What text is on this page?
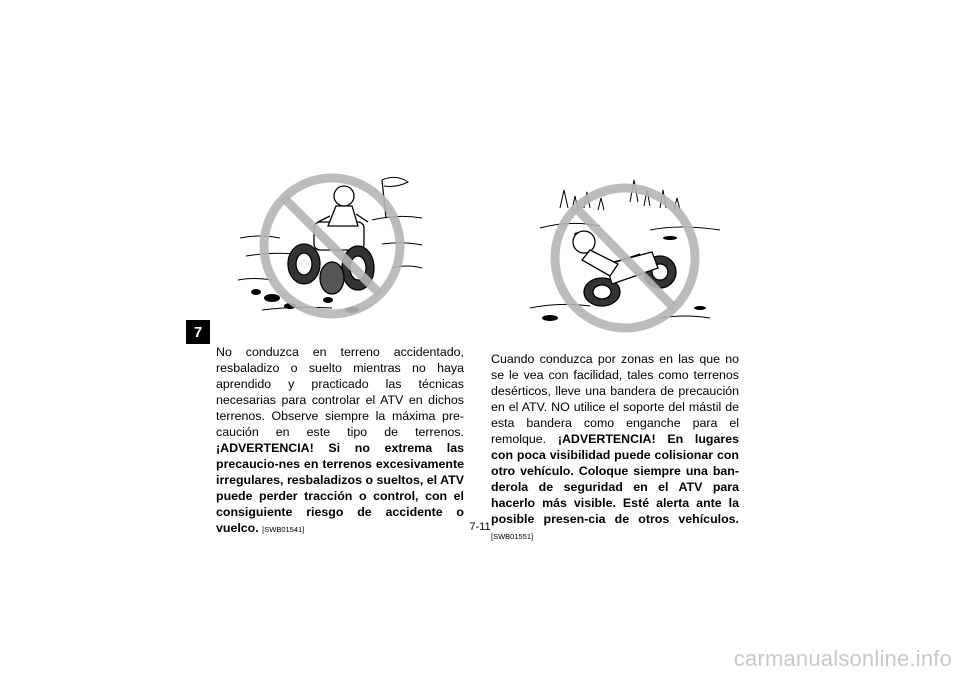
7
No conduzca en terreno accidentado, resbaladizo o suelto mientras no haya aprendido y practicado las técnicas necesarias para controlar el ATV en dichos terrenos. Observe siempre la máxima pre-caución en este tipo de terrenos. ¡ADVERTENCIA! Si no extrema las precaucio-nes en terrenos excesivamente irregulares, resbaladizos o sueltos, el ATV puede perder tracción o control, con el consiguiente riesgo de accidente o vuelco. [SWB01541]
Cuando conduzca por zonas en las que no se le vea con facilidad, tales como terrenos desérticos, lleve una bandera de precaución en el ATV. NO utilice el soporte del mástil de esta bandera como enganche para el remolque. ¡ADVERTENCIA! En lugares con poca visibilidad puede colisionar con otro vehículo. Coloque siempre una ban-derola de seguridad en el ATV para hacerlo más visible. Esté alerta ante la posible presen-cia de otros vehículos. [SWB01551]
7-11
carmanualsonline.info
